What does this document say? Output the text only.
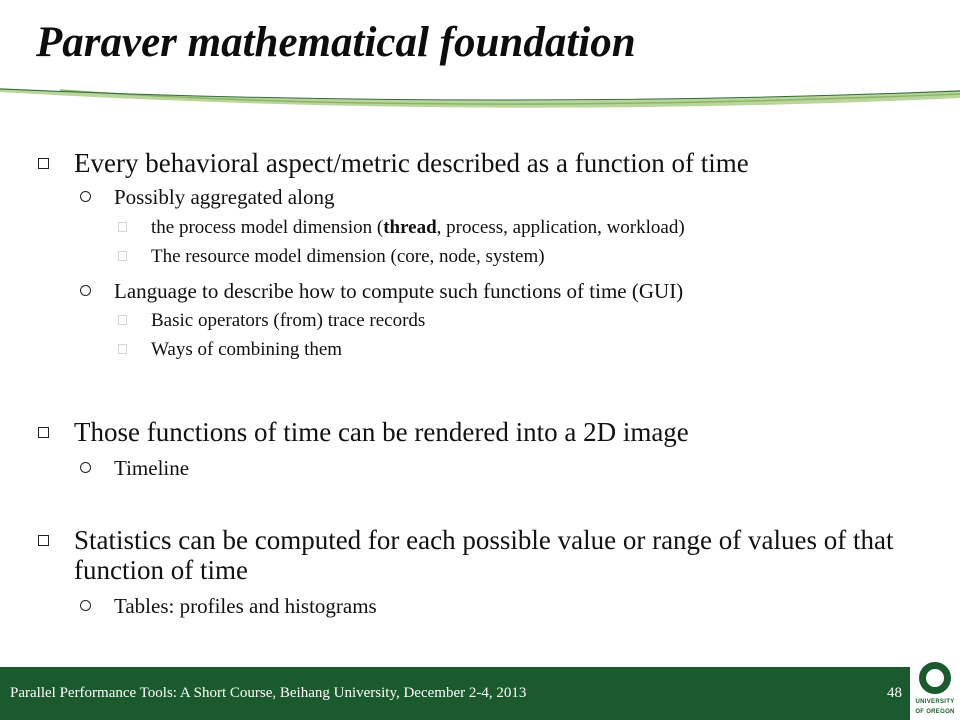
Paraver mathematical foundation
Every behavioral aspect/metric described as a function of time
Possibly aggregated along
the process model dimension (thread, process, application, workload)
The resource model dimension (core, node, system)
Language to describe how to compute such functions of time (GUI)
Basic operators (from) trace records
Ways of combining them
Those functions of time can be rendered into a 2D image
Timeline
Statistics can be computed for each possible value or range of values of that function of time
Tables: profiles and histograms
Parallel Performance Tools: A Short Course, Beihang University, December 2-4, 2013	48
UNIVERSITY
OF OREGON
